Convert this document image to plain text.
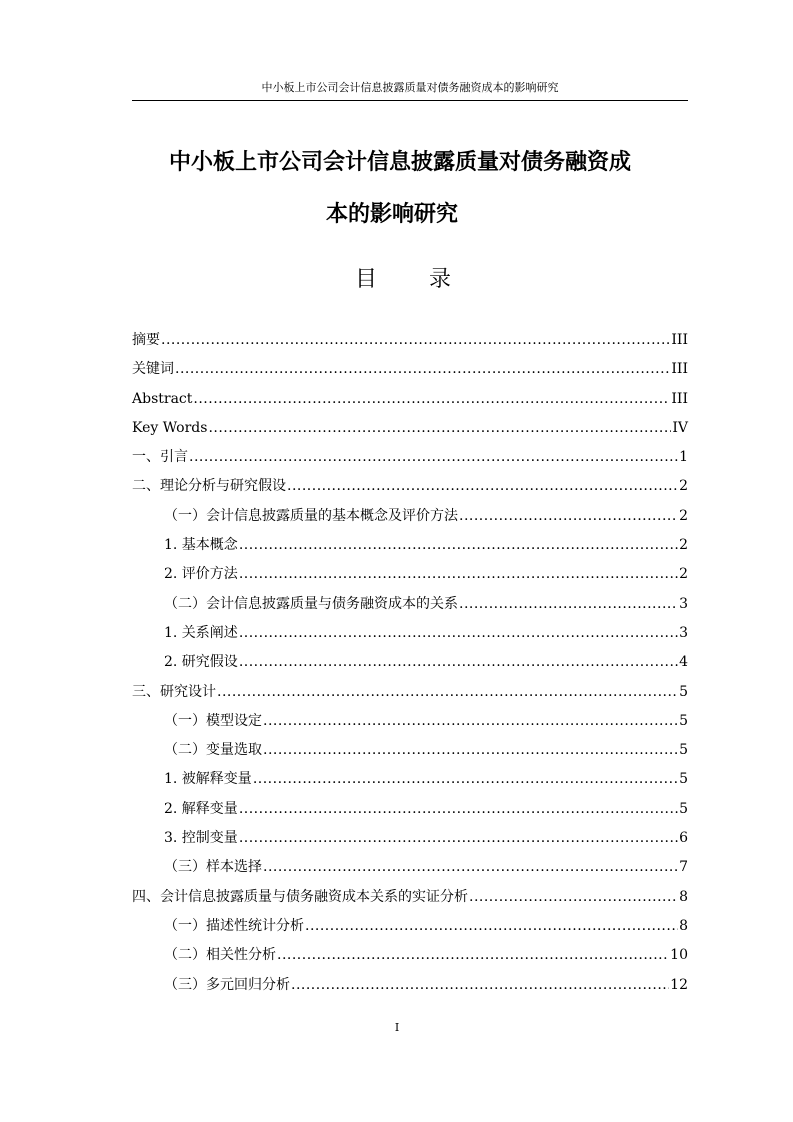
中小板上市公司会计信息披露质量对债务融资成本的影响研究
中小板上市公司会计信息披露质量对债务融资成
本的影响研究
目 录
摘要 .....	III
关键词 .....	III
Abstract .....	III
Key Words .....	IV
一、引言 .....	1
二、理论分析与研究假设 .....	2
（一）会计信息披露质量的基本概念及评价方法 .....	2
1. 基本概念 .....	2
2. 评价方法 .....	2
（二）会计信息披露质量与债务融资成本的关系 .....	3
1. 关系阐述 .....	3
2. 研究假设 .....	4
三、研究设计 .....	5
（一）模型设定 .....	5
（二）变量选取 .....	5
1. 被解释变量 .....	5
2. 解释变量 .....	5
3. 控制变量 .....	6
（三）样本选择 .....	7
四、会计信息披露质量与债务融资成本关系的实证分析 .....	8
（一）描述性统计分析 .....	8
（二）相关性分析 .....	10
（三）多元回归分析 .....	12
I
